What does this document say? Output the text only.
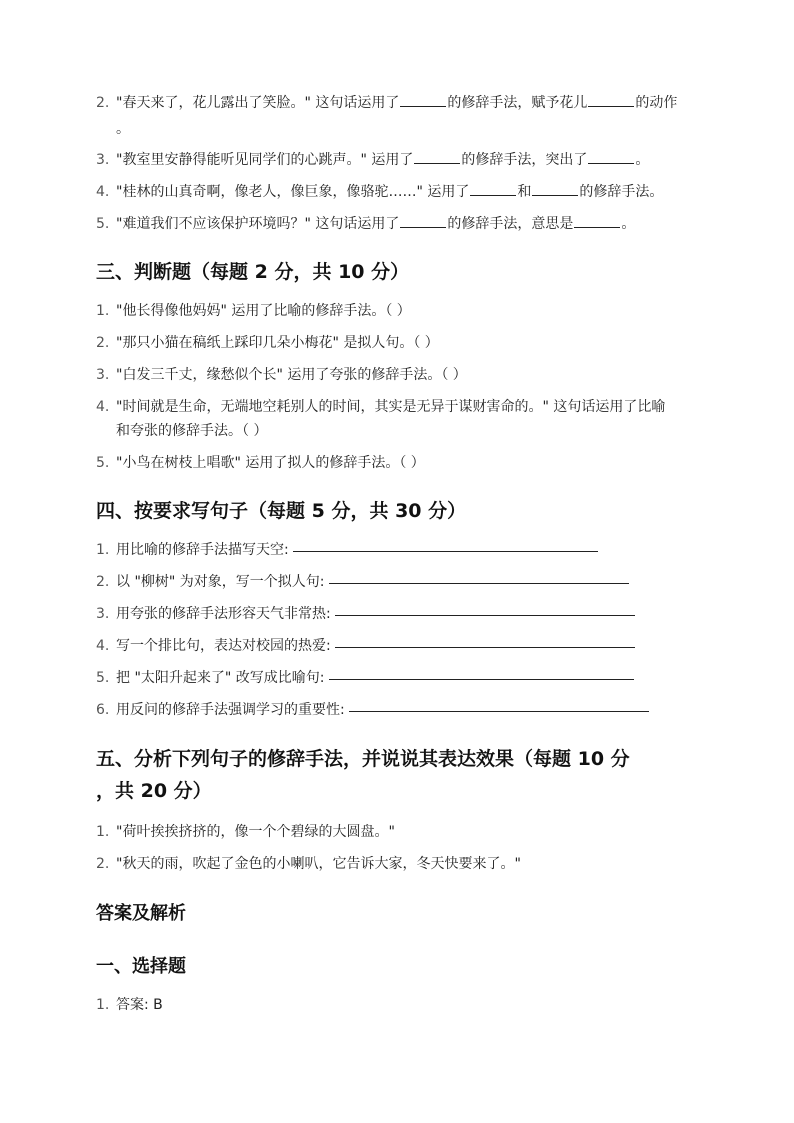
2. "春天来了，花儿露出了笑脸。" 这句话运用了	的修辞手法，赋予花儿	的动作
。
3. "教室里安静得能听见同学们的心跳声。" 运用了	的修辞手法，突出了	。
4. "桂林的山真奇啊，像老人，像巨象，像骆驼……" 运用了	和	的修辞手法。
5. "难道我们不应该保护环境吗？" 这句话运用了	的修辞手法，意思是	。
三、判断题（每题 2 分，共 10 分）
1. "他长得像他妈妈" 运用了比喻的修辞手法。（ ）
2. "那只小猫在稿纸上踩印几朵小梅花" 是拟人句。（ ）
3. "白发三千丈，缘愁似个长" 运用了夸张的修辞手法。（ ）
4. "时间就是生命，无端地空耗别人的时间，其实是无异于谋财害命的。" 这句话运用了比喻
和夸张的修辞手法。（ ）
5. "小鸟在树枝上唱歌" 运用了拟人的修辞手法。（ ）
四、按要求写句子（每题 5 分，共 30 分）
1. 用比喻的修辞手法描写天空:
2. 以 "柳树" 为对象，写一个拟人句:
3. 用夸张的修辞手法形容天气非常热:
4. 写一个排比句，表达对校园的热爱:
5. 把 "太阳升起来了" 改写成比喻句:
6. 用反问的修辞手法强调学习的重要性:
五、分析下列句子的修辞手法，并说说其表达效果（每题 10 分
，共 20 分）
1. "荷叶挨挨挤挤的，像一个个碧绿的大圆盘。"
2. "秋天的雨，吹起了金色的小喇叭，它告诉大家，冬天快要来了。"
答案及解析
一、选择题
1. 答案: B
